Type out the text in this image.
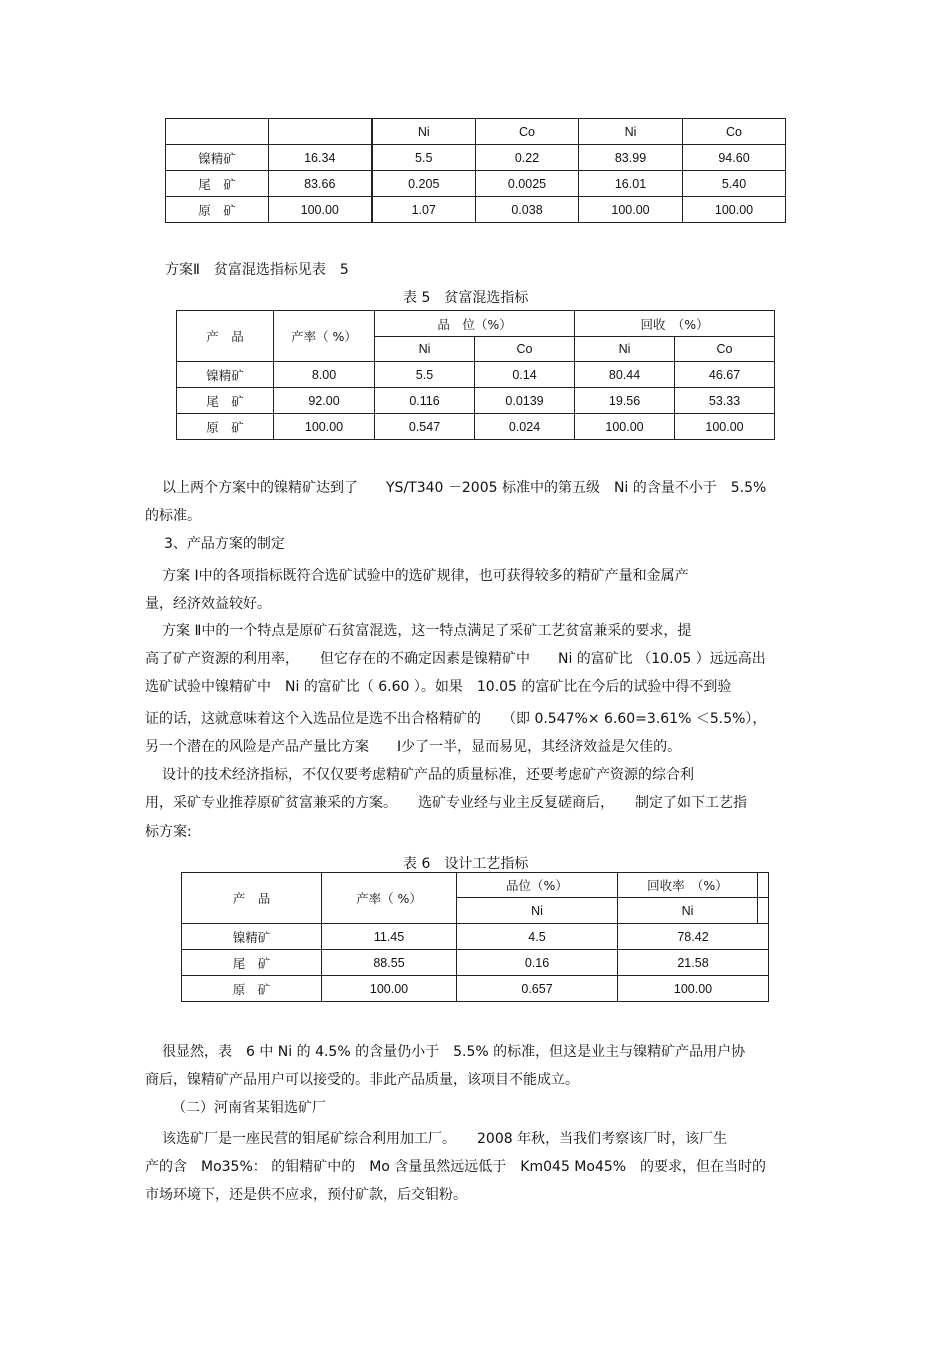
		Ni	Co	Ni	Co
镍精矿	16.34	5.5	0.22	83.99	94.60
尾　矿	83.66	0.205	0.0025	16.01	5.40
原　矿	100.00	1.07	0.038	100.00	100.00
方案Ⅱ　贫富混选指标见表　5
表 5　贫富混选指标
产　品	产率（ %）	品　位（%）		回收　（%）	
		Ni	Co	Ni	Co
镍精矿	8.00	5.5	0.14	80.44	46.67
尾　矿	92.00	0.116	0.0139	19.56	53.33
原　矿	100.00	0.547	0.024	100.00	100.00
以上两个方案中的镍精矿达到了　　YS/T340 －2005 标准中的第五级　Ni 的含量不小于　5.5%
的标准。
3、产品方案的制定
方案 Ⅰ中的各项指标既符合选矿试验中的选矿规律，也可获得较多的精矿产量和金属产
量，经济效益较好。
方案 Ⅱ中的一个特点是原矿石贫富混选，这一特点满足了采矿工艺贫富兼采的要求，提
高了矿产资源的利用率，　　但它存在的不确定因素是镍精矿中　　Ni 的富矿比 （10.05 ）远远高出
选矿试验中镍精矿中　Ni 的富矿比（ 6.60 ）。如果　10.05 的富矿比在今后的试验中得不到验
证的话，这就意味着这个入选品位是选不出合格精矿的　　（即 0.547%× 6.60=3.61% ＜5.5%），
另一个潜在的风险是产品产量比方案　　Ⅰ少了一半，显而易见，其经济效益是欠佳的。
设计的技术经济指标，不仅仅要考虑精矿产品的质量标准，还要考虑矿产资源的综合利
用，采矿专业推荐原矿贫富兼采的方案。　　选矿专业经与业主反复磋商后，　　制定了如下工艺指
标方案:
表 6　设计工艺指标
产　品	产率（ %）	品位（%）	回收率　（%）	
		Ni	Ni	
镍精矿	11.45	4.5	78.42	
尾　矿	88.55	0.16	21.58	
原　矿	100.00	0.657	100.00	
很显然，表　6 中 Ni 的 4.5% 的含量仍小于　5.5% 的标准，但这是业主与镍精矿产品用户协
商后，镍精矿产品用户可以接受的。非此产品质量，该项目不能成立。
（二）河南省某钼选矿厂
该选矿厂是一座民营的钼尾矿综合利用加工厂。　　2008 年秋，当我们考察该厂时，该厂生
产的含　Mo35%： 的钼精矿中的　Mo 含量虽然远远低于　Km045 Mo45%　的要求，但在当时的
市场环境下，还是供不应求，预付矿款，后交钼粉。
